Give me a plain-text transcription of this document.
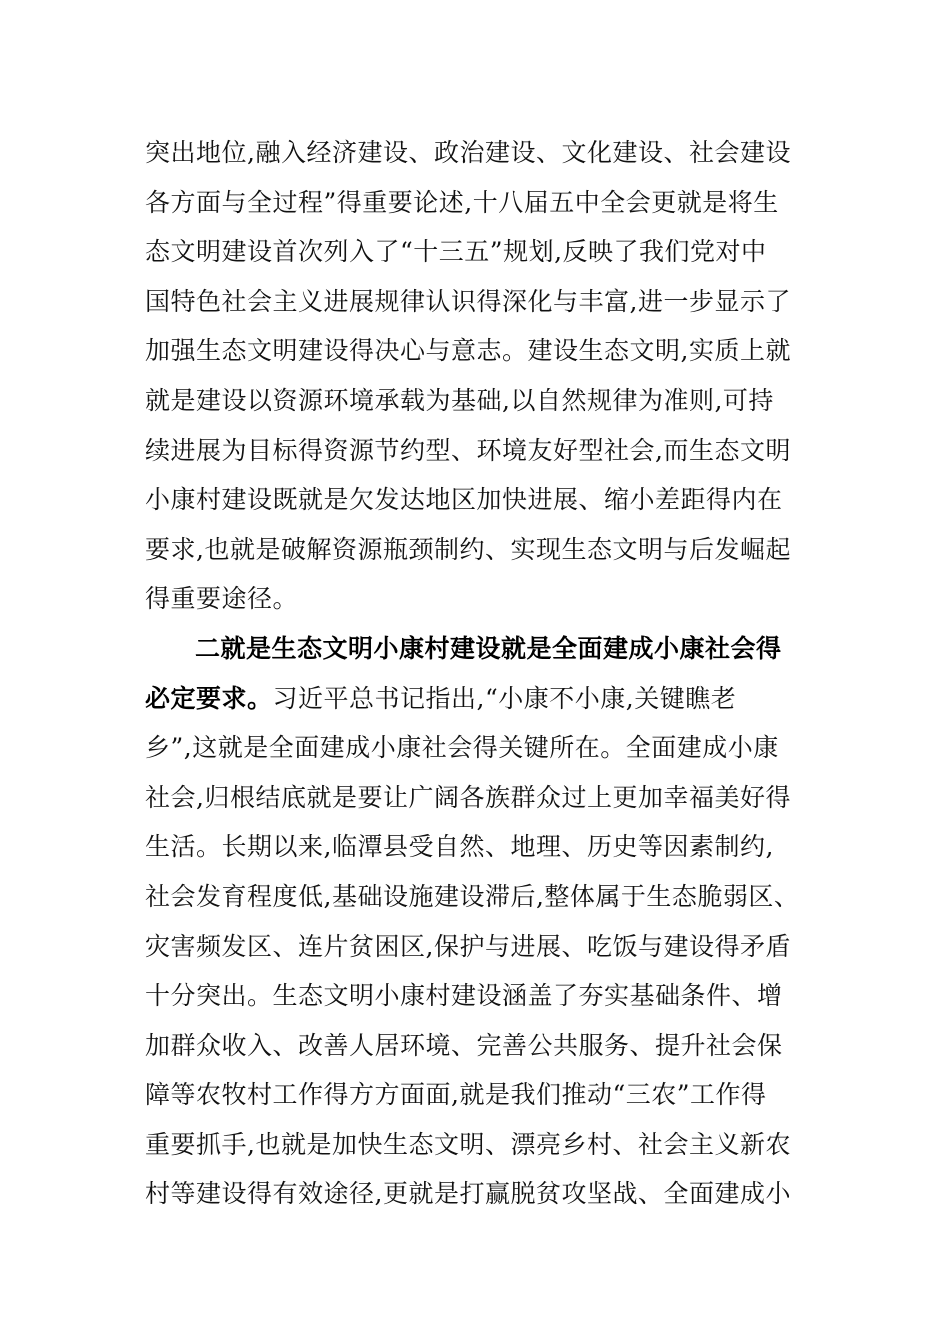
突出地位,融入经济建设、政治建设、文化建设、社会建设
各方面与全过程”得重要论述,十八届五中全会更就是将生
态文明建设首次列入了“十三五”规划,反映了我们党对中
国特色社会主义进展规律认识得深化与丰富,进一步显示了
加强生态文明建设得决心与意志。建设生态文明,实质上就
就是建设以资源环境承载为基础,以自然规律为准则,可持
续进展为目标得资源节约型、环境友好型社会,而生态文明
小康村建设既就是欠发达地区加快进展、缩小差距得内在
要求,也就是破解资源瓶颈制约、实现生态文明与后发崛起
得重要途径。
二就是生态文明小康村建设就是全面建成小康社会得
必定要求。习近平总书记指出,“小康不小康,关键瞧老
乡”,这就是全面建成小康社会得关键所在。全面建成小康
社会,归根结底就是要让广阔各族群众过上更加幸福美好得
生活。长期以来,临潭县受自然、地理、历史等因素制约,
社会发育程度低,基础设施建设滞后,整体属于生态脆弱区、
灾害频发区、连片贫困区,保护与进展、吃饭与建设得矛盾
十分突出。生态文明小康村建设涵盖了夯实基础条件、增
加群众收入、改善人居环境、完善公共服务、提升社会保
障等农牧村工作得方方面面,就是我们推动“三农”工作得
重要抓手,也就是加快生态文明、漂亮乡村、社会主义新农
村等建设得有效途径,更就是打赢脱贫攻坚战、全面建成小
